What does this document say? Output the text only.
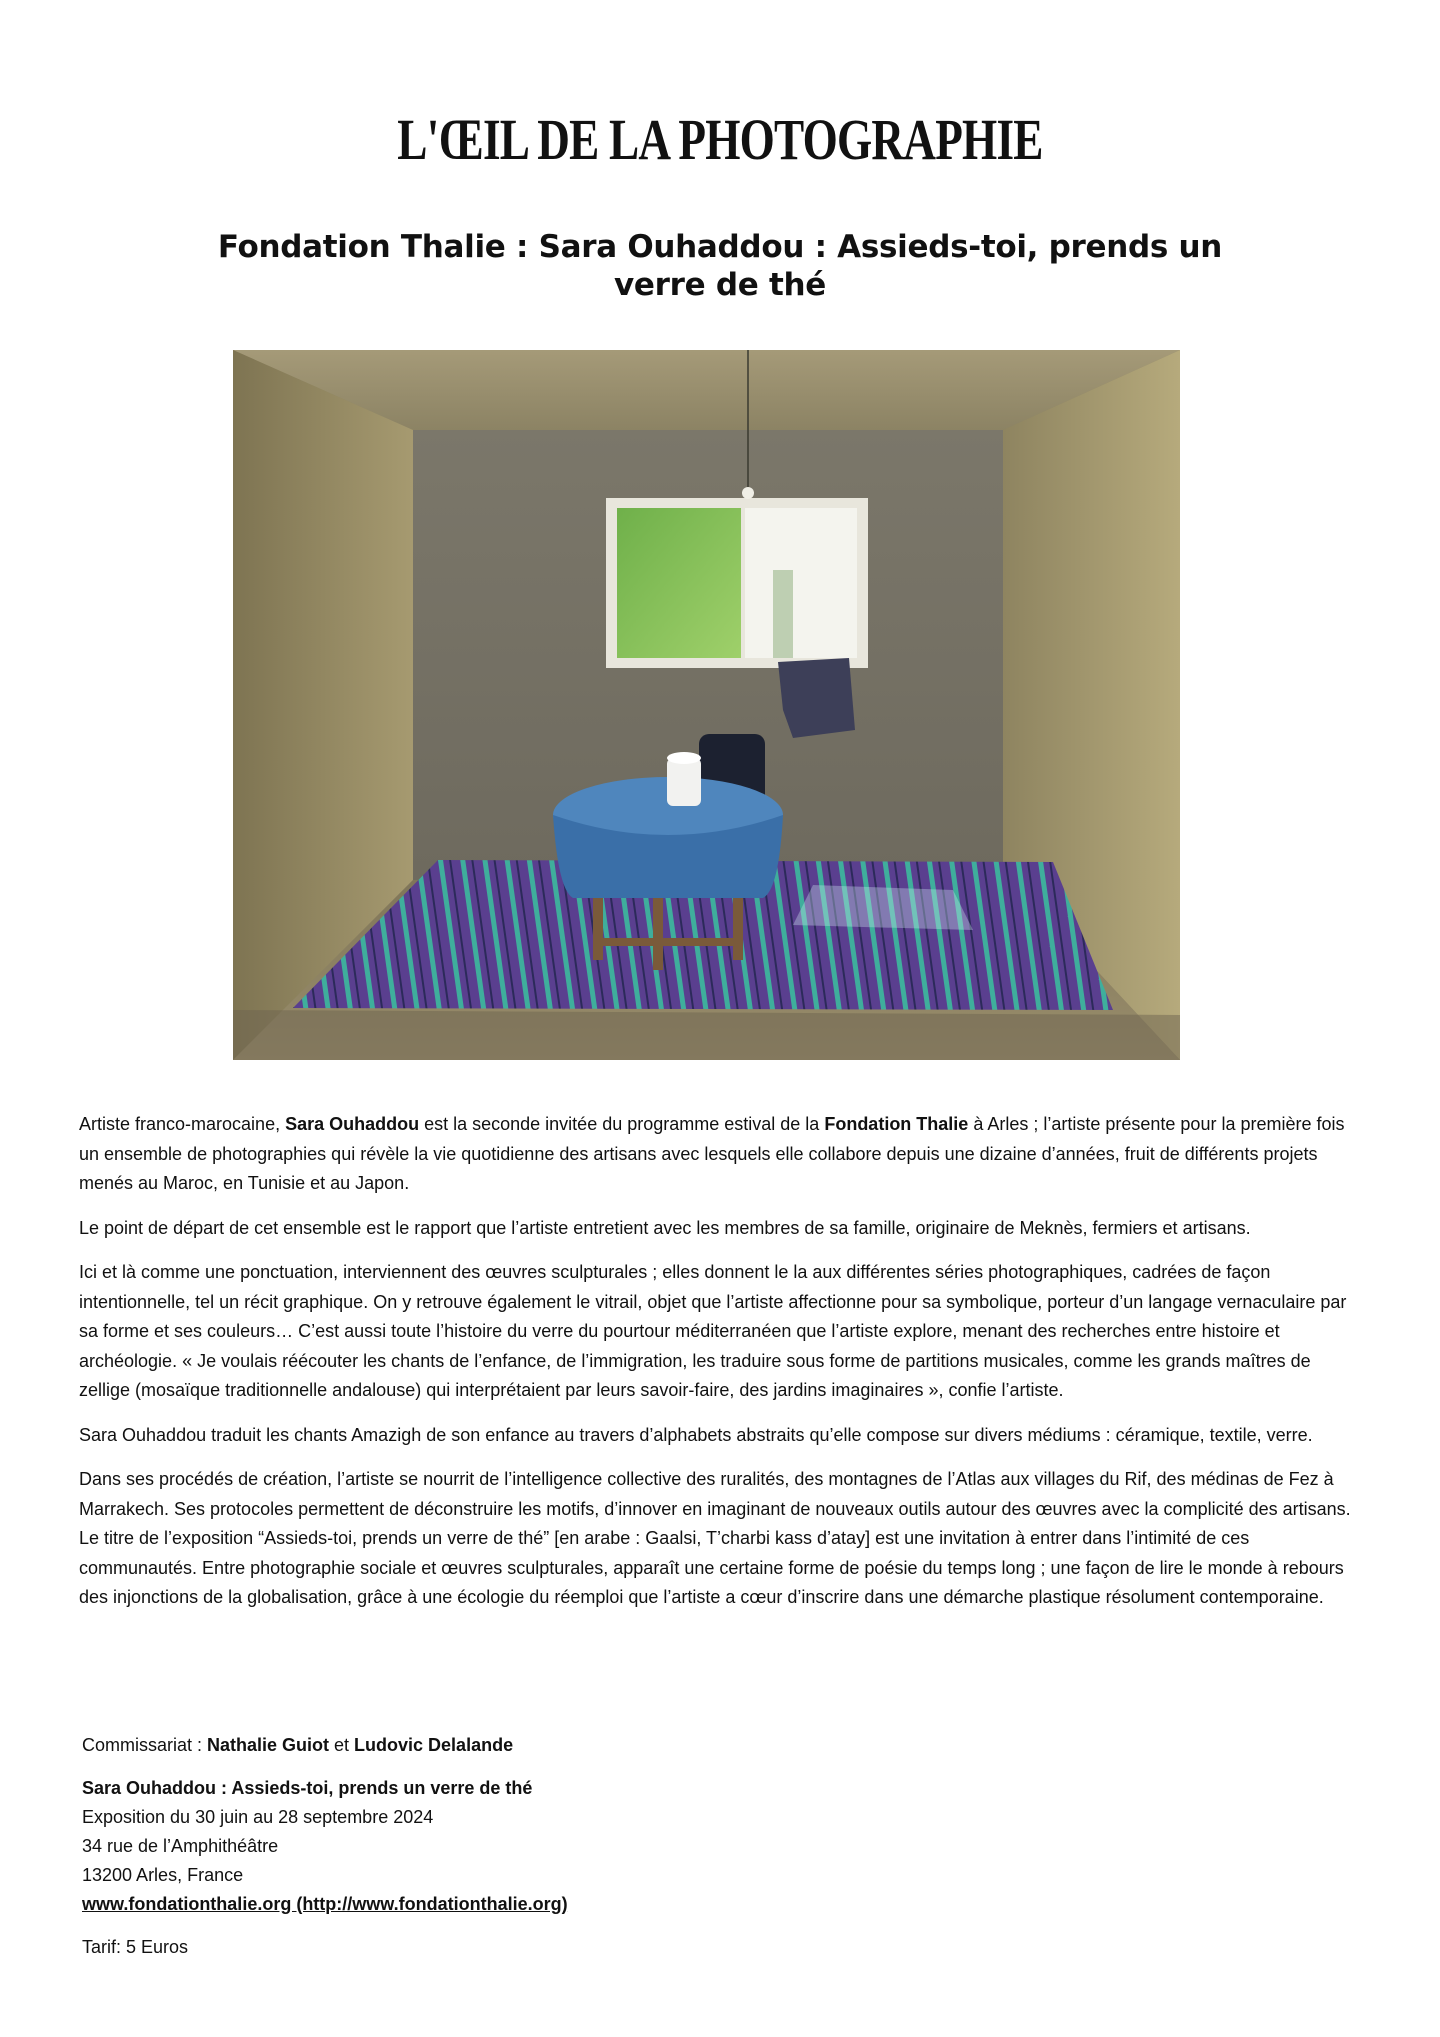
L'ŒIL DE LA PHOTOGRAPHIE
Fondation Thalie : Sara Ouhaddou : Assieds-toi, prends un verre de thé

Artiste franco-marocaine, Sara Ouhaddou est la seconde invitée du programme estival de la Fondation Thalie à Arles ; l’artiste présente pour la première fois un ensemble de photographies qui révèle la vie quotidienne des artisans avec lesquels elle collabore depuis une dizaine d’années, fruit de différents projets menés au Maroc, en Tunisie et au Japon.

Le point de départ de cet ensemble est le rapport que l’artiste entretient avec les membres de sa famille, originaire de Meknès, fermiers et artisans.

Ici et là comme une ponctuation, interviennent des œuvres sculpturales ; elles donnent le la aux différentes séries photographiques, cadrées de façon intentionnelle, tel un récit graphique. On y retrouve également le vitrail, objet que l’artiste affectionne pour sa symbolique, porteur d’un langage vernaculaire par sa forme et ses couleurs… C’est aussi toute l’histoire du verre du pourtour méditerranéen que l’artiste explore, menant des recherches entre histoire et archéologie. « Je voulais réécouter les chants de l’enfance, de l’immigration, les traduire sous forme de partitions musicales, comme les grands maîtres de zellige (mosaïque traditionnelle andalouse) qui interprétaient par leurs savoir-faire, des jardins imaginaires », confie l’artiste.

Sara Ouhaddou traduit les chants Amazigh de son enfance au travers d’alphabets abstraits qu’elle compose sur divers médiums : céramique, textile, verre.

Dans ses procédés de création, l’artiste se nourrit de l’intelligence collective des ruralités, des montagnes de l’Atlas aux villages du Rif, des médinas de Fez à Marrakech. Ses protocoles permettent de déconstruire les motifs, d’innover en imaginant de nouveaux outils autour des œuvres avec la complicité des artisans. Le titre de l’exposition “Assieds-toi, prends un verre de thé” [en arabe : Gaalsi, T’charbi kass d’atay] est une invitation à entrer dans l’intimité de ces communautés. Entre photographie sociale et œuvres sculpturales, apparaît une certaine forme de poésie du temps long ; une façon de lire le monde à rebours des injonctions de la globalisation, grâce à une écologie du réemploi que l’artiste a cœur d’inscrire dans une démarche plastique résolument contemporaine.

Commissariat : Nathalie Guiot et Ludovic Delalande
Sara Ouhaddou : Assieds-toi, prends un verre de thé
Exposition du 30 juin au 28 septembre 2024
34 rue de l’Amphithéâtre
13200 Arles, France
www.fondationthalie.org (http://www.fondationthalie.org)
Tarif: 5 Euros
